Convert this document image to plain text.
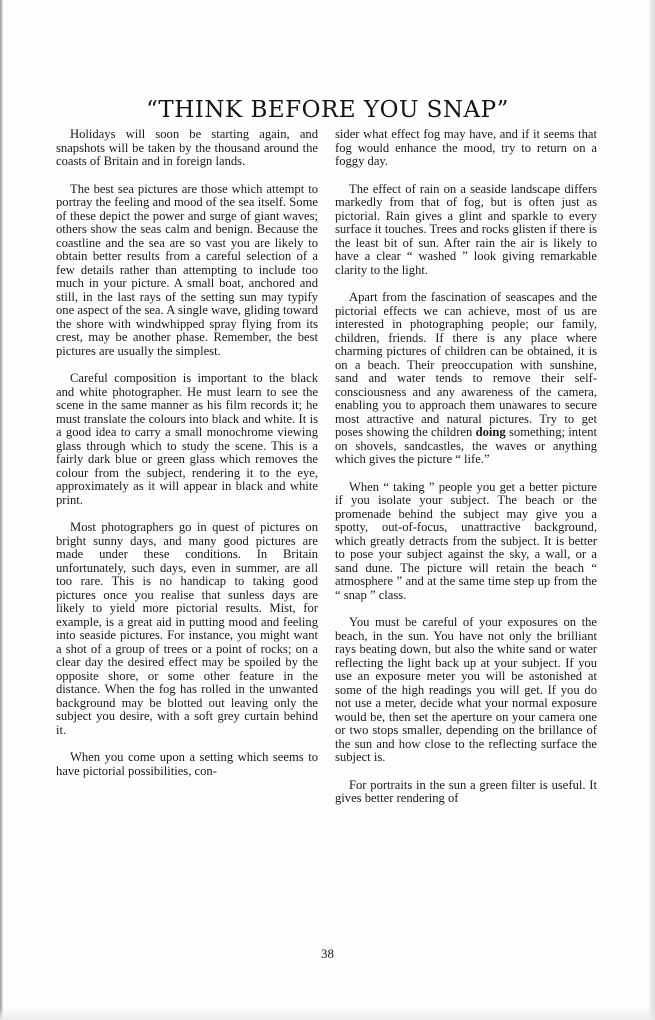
“THINK BEFORE YOU SNAP”

Holidays will soon be starting again, and snapshots will be taken by the thousand around the coasts of Britain and in foreign lands.

The best sea pictures are those which attempt to portray the feeling and mood of the sea itself. Some of these depict the power and surge of giant waves; others show the seas calm and benign. Because the coastline and the sea are so vast you are likely to obtain better results from a careful selection of a few details rather than attempting to include too much in your picture. A small boat, anchored and still, in the last rays of the setting sun may typify one aspect of the sea. A single wave, gliding toward the shore with windwhipped spray flying from its crest, may be another phase. Remember, the best pictures are usually the simplest.

Careful composition is important to the black and white photographer. He must learn to see the scene in the same manner as his film records it; he must translate the colours into black and white. It is a good idea to carry a small monochrome viewing glass through which to study the scene. This is a fairly dark blue or green glass which removes the colour from the subject, rendering it to the eye, approximately as it will appear in black and white print.

Most photographers go in quest of pictures on bright sunny days, and many good pictures are made under these conditions. In Britain unfortunately, such days, even in summer, are all too rare. This is no handicap to taking good pictures once you realise that sunless days are likely to yield more pictorial results. Mist, for example, is a great aid in putting mood and feeling into seaside pictures. For instance, you might want a shot of a group of trees or a point of rocks; on a clear day the desired effect may be spoiled by the opposite shore, or some other feature in the distance. When the fog has rolled in the unwanted background may be blotted out leaving only the subject you desire, with a soft grey curtain behind it.

When you come upon a setting which seems to have pictorial possibilities, con-

sider what effect fog may have, and if it seems that fog would enhance the mood, try to return on a foggy day.

The effect of rain on a seaside landscape differs markedly from that of fog, but is often just as pictorial. Rain gives a glint and sparkle to every surface it touches. Trees and rocks glisten if there is the least bit of sun. After rain the air is likely to have a clear “ washed ” look giving remarkable clarity to the light.

Apart from the fascination of seascapes and the pictorial effects we can achieve, most of us are interested in photographing people; our family, children, friends. If there is any place where charming pictures of children can be obtained, it is on a beach. Their preoccupation with sunshine, sand and water tends to remove their self-consciousness and any awareness of the camera, enabling you to approach them unawares to secure most attractive and natural pictures. Try to get poses showing the children doing something; intent on shovels, sandcastles, the waves or anything which gives the picture “ life.”

When “ taking ” people you get a better picture if you isolate your subject. The beach or the promenade behind the subject may give you a spotty, out-of-focus, unattractive background, which greatly detracts from the subject. It is better to pose your subject against the sky, a wall, or a sand dune. The picture will retain the beach “ atmosphere ” and at the same time step up from the “ snap ” class.

You must be careful of your exposures on the beach, in the sun. You have not only the brilliant rays beating down, but also the white sand or water reflecting the light back up at your subject. If you use an exposure meter you will be astonished at some of the high readings you will get. If you do not use a meter, decide what your normal exposure would be, then set the aperture on your camera one or two stops smaller, depending on the brillance of the sun and how close to the reflecting surface the subject is.

For portraits in the sun a green filter is useful. It gives better rendering of

38
